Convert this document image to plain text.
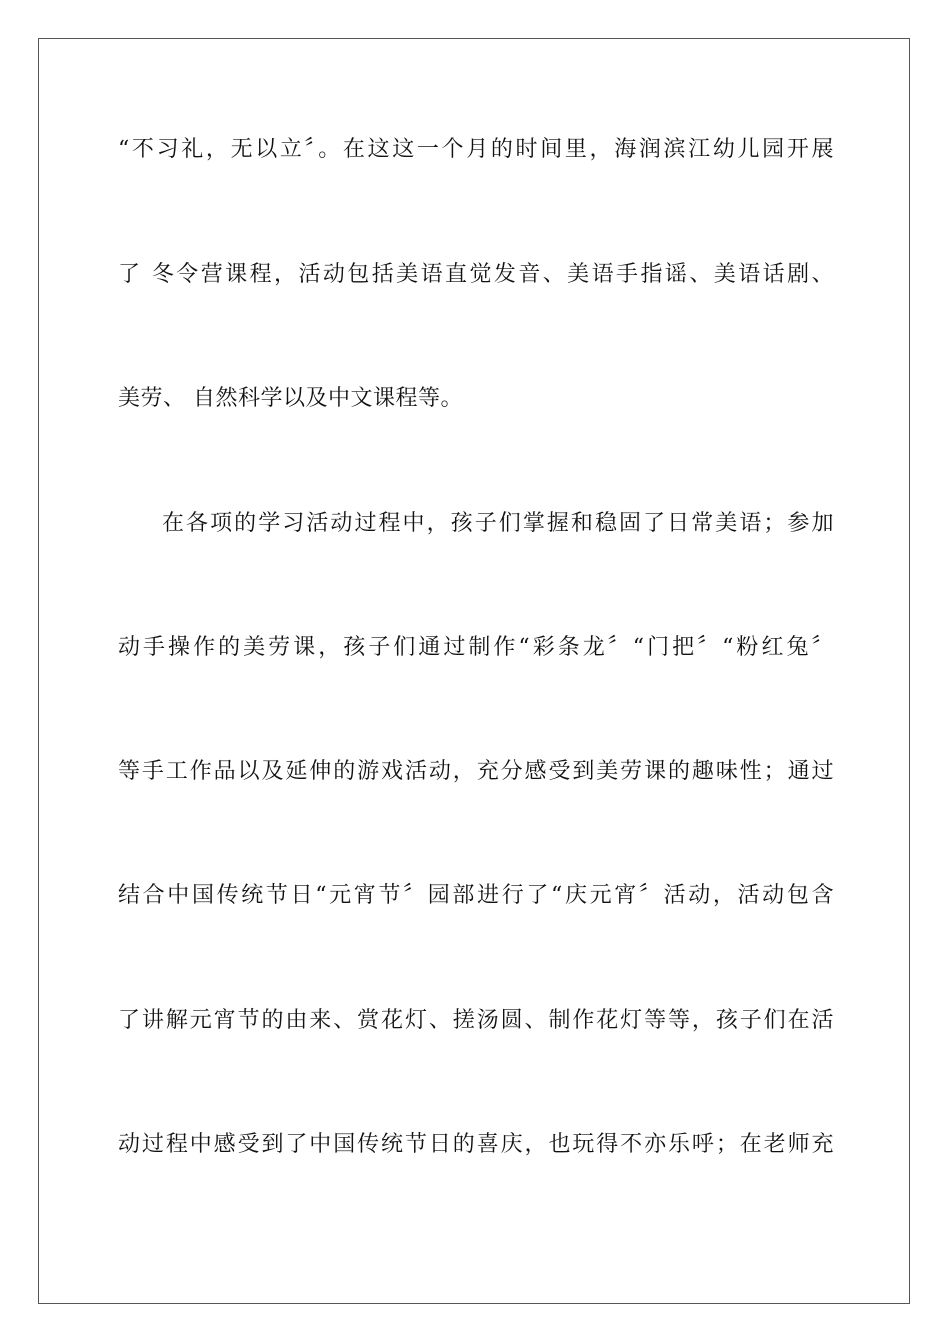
“不习礼，无以立〞。在这这一个月的时间里，海润滨江幼儿园开展
了 冬令营课程，活动包括美语直觉发音、美语手指谣、美语话剧、
美劳、 自然科学以及中文课程等。
在各项的学习活动过程中，孩子们掌握和稳固了日常美语；参加
动手操作的美劳课，孩子们通过制作“彩条龙〞“门把〞“粉红兔〞
等手工作品以及延伸的游戏活动，充分感受到美劳课的趣味性；通过
结合中国传统节日“元宵节〞园部进行了“庆元宵〞活动，活动包含
了讲解元宵节的由来、赏花灯、搓汤圆、制作花灯等等，孩子们在活
动过程中感受到了中国传统节日的喜庆，也玩得不亦乐呼；在老师充
